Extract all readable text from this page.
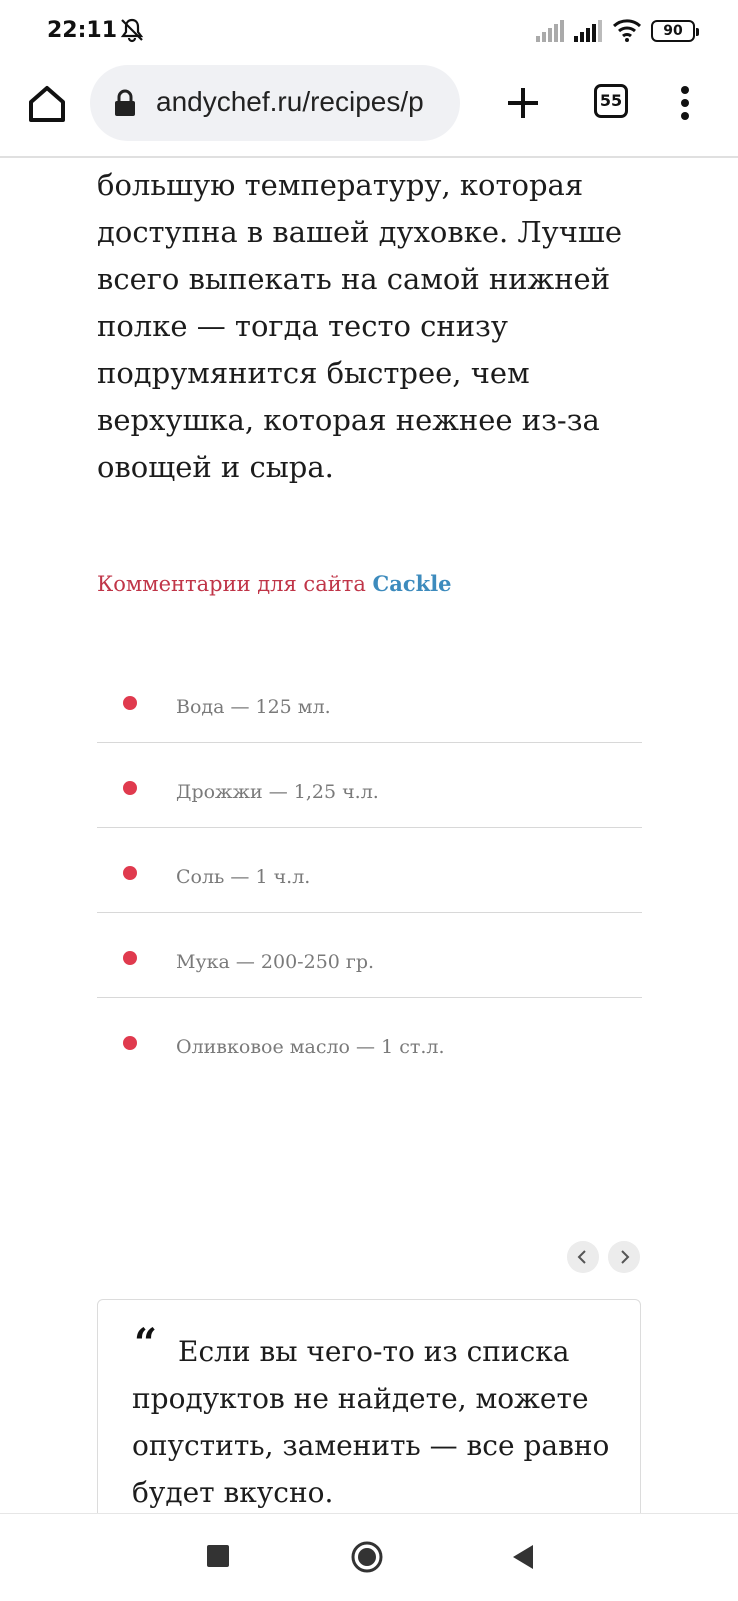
22:11	90
andychef.ru/recipes/p	55

большую температуру, которая доступна в вашей духовке. Лучше всего выпекать на самой нижней полке — тогда тесто снизу подрумянится быстрее, чем верхушка, которая нежнее из-за овощей и сыра.

Комментарии для сайта Cackle
Вода — 125 мл.
Дрожжи — 1,25 ч.л.
Соль — 1 ч.л.
Мука — 200-250 гр.
Оливковое масло — 1 ст.л.
“ Если вы чего-то из списка продуктов не найдете, можете опустить, заменить — все равно будет вкусно.
